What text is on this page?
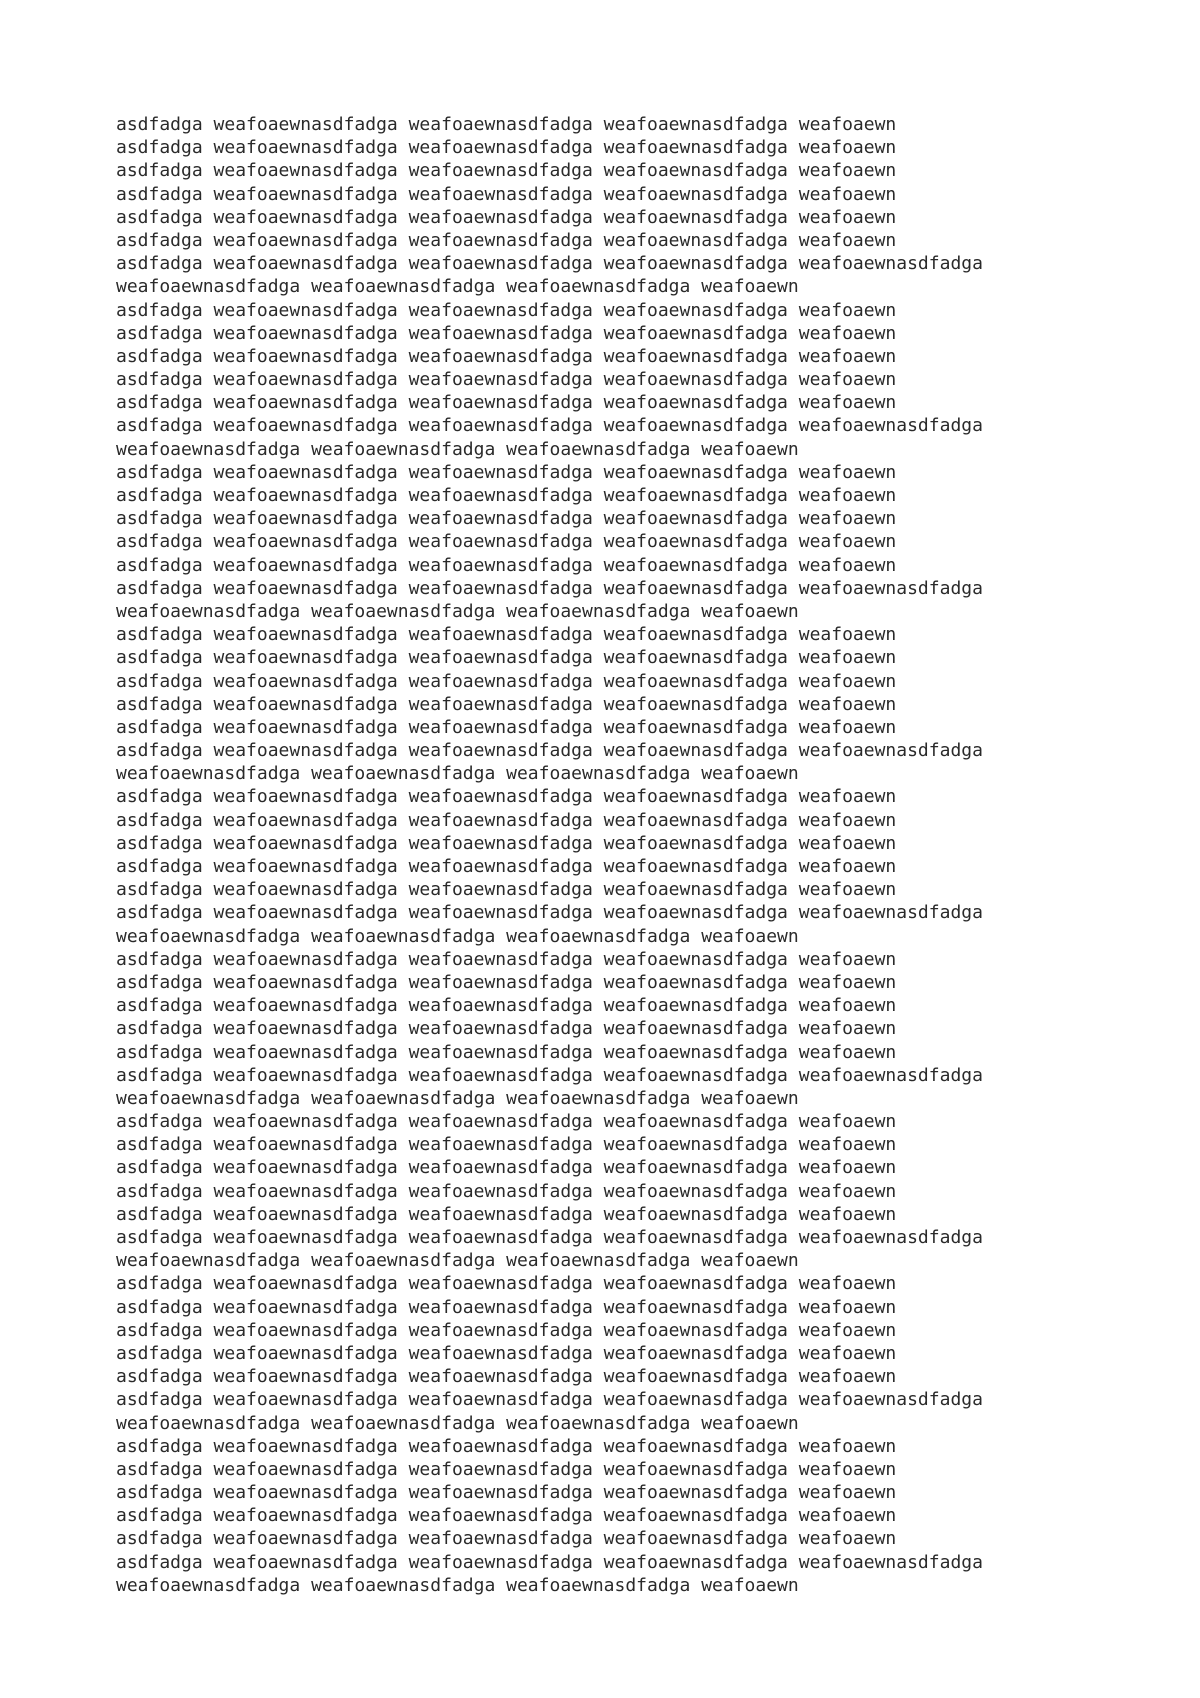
asdfadga weafoaewnasdfadga weafoaewnasdfadga weafoaewnasdfadga weafoaewn
asdfadga weafoaewnasdfadga weafoaewnasdfadga weafoaewnasdfadga weafoaewn
asdfadga weafoaewnasdfadga weafoaewnasdfadga weafoaewnasdfadga weafoaewn
asdfadga weafoaewnasdfadga weafoaewnasdfadga weafoaewnasdfadga weafoaewn
asdfadga weafoaewnasdfadga weafoaewnasdfadga weafoaewnasdfadga weafoaewn
asdfadga weafoaewnasdfadga weafoaewnasdfadga weafoaewnasdfadga weafoaewn
asdfadga weafoaewnasdfadga weafoaewnasdfadga weafoaewnasdfadga weafoaewnasdfadga
weafoaewnasdfadga weafoaewnasdfadga weafoaewnasdfadga weafoaewn
asdfadga weafoaewnasdfadga weafoaewnasdfadga weafoaewnasdfadga weafoaewn
asdfadga weafoaewnasdfadga weafoaewnasdfadga weafoaewnasdfadga weafoaewn
asdfadga weafoaewnasdfadga weafoaewnasdfadga weafoaewnasdfadga weafoaewn
asdfadga weafoaewnasdfadga weafoaewnasdfadga weafoaewnasdfadga weafoaewn
asdfadga weafoaewnasdfadga weafoaewnasdfadga weafoaewnasdfadga weafoaewn
asdfadga weafoaewnasdfadga weafoaewnasdfadga weafoaewnasdfadga weafoaewnasdfadga
weafoaewnasdfadga weafoaewnasdfadga weafoaewnasdfadga weafoaewn
asdfadga weafoaewnasdfadga weafoaewnasdfadga weafoaewnasdfadga weafoaewn
asdfadga weafoaewnasdfadga weafoaewnasdfadga weafoaewnasdfadga weafoaewn
asdfadga weafoaewnasdfadga weafoaewnasdfadga weafoaewnasdfadga weafoaewn
asdfadga weafoaewnasdfadga weafoaewnasdfadga weafoaewnasdfadga weafoaewn
asdfadga weafoaewnasdfadga weafoaewnasdfadga weafoaewnasdfadga weafoaewn
asdfadga weafoaewnasdfadga weafoaewnasdfadga weafoaewnasdfadga weafoaewnasdfadga
weafoaewnasdfadga weafoaewnasdfadga weafoaewnasdfadga weafoaewn
asdfadga weafoaewnasdfadga weafoaewnasdfadga weafoaewnasdfadga weafoaewn
asdfadga weafoaewnasdfadga weafoaewnasdfadga weafoaewnasdfadga weafoaewn
asdfadga weafoaewnasdfadga weafoaewnasdfadga weafoaewnasdfadga weafoaewn
asdfadga weafoaewnasdfadga weafoaewnasdfadga weafoaewnasdfadga weafoaewn
asdfadga weafoaewnasdfadga weafoaewnasdfadga weafoaewnasdfadga weafoaewn
asdfadga weafoaewnasdfadga weafoaewnasdfadga weafoaewnasdfadga weafoaewnasdfadga
weafoaewnasdfadga weafoaewnasdfadga weafoaewnasdfadga weafoaewn
asdfadga weafoaewnasdfadga weafoaewnasdfadga weafoaewnasdfadga weafoaewn
asdfadga weafoaewnasdfadga weafoaewnasdfadga weafoaewnasdfadga weafoaewn
asdfadga weafoaewnasdfadga weafoaewnasdfadga weafoaewnasdfadga weafoaewn
asdfadga weafoaewnasdfadga weafoaewnasdfadga weafoaewnasdfadga weafoaewn
asdfadga weafoaewnasdfadga weafoaewnasdfadga weafoaewnasdfadga weafoaewn
asdfadga weafoaewnasdfadga weafoaewnasdfadga weafoaewnasdfadga weafoaewnasdfadga
weafoaewnasdfadga weafoaewnasdfadga weafoaewnasdfadga weafoaewn
asdfadga weafoaewnasdfadga weafoaewnasdfadga weafoaewnasdfadga weafoaewn
asdfadga weafoaewnasdfadga weafoaewnasdfadga weafoaewnasdfadga weafoaewn
asdfadga weafoaewnasdfadga weafoaewnasdfadga weafoaewnasdfadga weafoaewn
asdfadga weafoaewnasdfadga weafoaewnasdfadga weafoaewnasdfadga weafoaewn
asdfadga weafoaewnasdfadga weafoaewnasdfadga weafoaewnasdfadga weafoaewn
asdfadga weafoaewnasdfadga weafoaewnasdfadga weafoaewnasdfadga weafoaewnasdfadga
weafoaewnasdfadga weafoaewnasdfadga weafoaewnasdfadga weafoaewn
asdfadga weafoaewnasdfadga weafoaewnasdfadga weafoaewnasdfadga weafoaewn
asdfadga weafoaewnasdfadga weafoaewnasdfadga weafoaewnasdfadga weafoaewn
asdfadga weafoaewnasdfadga weafoaewnasdfadga weafoaewnasdfadga weafoaewn
asdfadga weafoaewnasdfadga weafoaewnasdfadga weafoaewnasdfadga weafoaewn
asdfadga weafoaewnasdfadga weafoaewnasdfadga weafoaewnasdfadga weafoaewn
asdfadga weafoaewnasdfadga weafoaewnasdfadga weafoaewnasdfadga weafoaewnasdfadga
weafoaewnasdfadga weafoaewnasdfadga weafoaewnasdfadga weafoaewn
asdfadga weafoaewnasdfadga weafoaewnasdfadga weafoaewnasdfadga weafoaewn
asdfadga weafoaewnasdfadga weafoaewnasdfadga weafoaewnasdfadga weafoaewn
asdfadga weafoaewnasdfadga weafoaewnasdfadga weafoaewnasdfadga weafoaewn
asdfadga weafoaewnasdfadga weafoaewnasdfadga weafoaewnasdfadga weafoaewn
asdfadga weafoaewnasdfadga weafoaewnasdfadga weafoaewnasdfadga weafoaewn
asdfadga weafoaewnasdfadga weafoaewnasdfadga weafoaewnasdfadga weafoaewnasdfadga
weafoaewnasdfadga weafoaewnasdfadga weafoaewnasdfadga weafoaewn
asdfadga weafoaewnasdfadga weafoaewnasdfadga weafoaewnasdfadga weafoaewn
asdfadga weafoaewnasdfadga weafoaewnasdfadga weafoaewnasdfadga weafoaewn
asdfadga weafoaewnasdfadga weafoaewnasdfadga weafoaewnasdfadga weafoaewn
asdfadga weafoaewnasdfadga weafoaewnasdfadga weafoaewnasdfadga weafoaewn
asdfadga weafoaewnasdfadga weafoaewnasdfadga weafoaewnasdfadga weafoaewn
asdfadga weafoaewnasdfadga weafoaewnasdfadga weafoaewnasdfadga weafoaewnasdfadga
weafoaewnasdfadga weafoaewnasdfadga weafoaewnasdfadga weafoaewn
